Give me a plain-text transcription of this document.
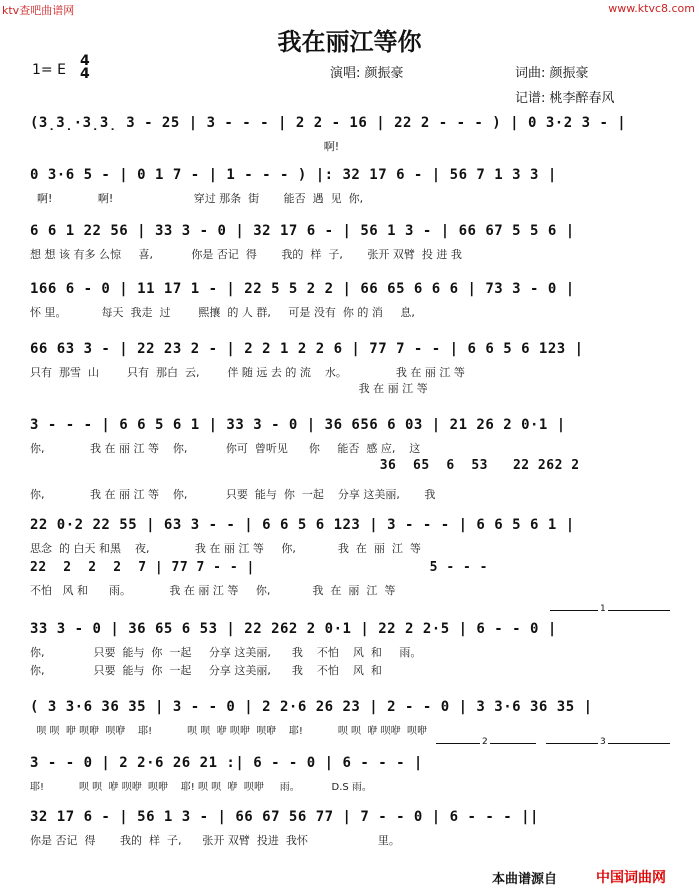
ktv查吧曲谱网	www.ktvc8.com
我在丽江等你
1= E
4
4	演唱: 颜振豪	词曲: 颜振豪
记谱: 桃李醉春风
(3̣3̣·3̣3̣ 3 - 25 | 3 - - - | 2 2 - 16 | 22 2 - - - ) | 0 3·2 3 - |
啊!
0 3·6 5 - | 0 1 7 - | 1 - - - ) |: 32 17 6 - | 56 7 1 3 3 |
啊!             啊!                       穿过 那条  街       能否  遇  见  你,
6 6 1 22 56 | 33 3 - 0 | 32 17 6 - | 56 1 3 - | 66 67 5 5 6 |
想 想 该 有多 么惊     喜,           你是 否记  得       我的  样  子,       张开 双臂  投 进 我
166 6 - 0 | 11 17 1 - | 22 5 5 2 2 | 66 65 6 6 6 | 73 3 - 0 |
怀 里。          每天  我走  过        熙攘  的 人 群,     可是 没有  你 的 消     息,
66 63 3 - | 22 23 2 - | 2 2 1 2 2 6 | 77 7 - - | 6 6 5 6 123 |
只有  那雪  山        只有  那白  云,        伴 随 远 去 的 流    水。              我 在 丽 江 等
我 在 丽 江 等
3 - - - | 6 6 5 6 1 | 33 3 - 0 | 36 656 6 03 | 21 26 2 0·1 |
你,             我 在 丽 江 等    你,           你可  曾听见      你     能否  感 应,    这
36  65  6  53   22 262 2
你,             我 在 丽 江 等    你,           只要  能与  你  一起    分享 这美丽,       我
22 0·2 22 55 | 63 3 - - | 6 6 5 6 123 | 3 - - - | 6 6 5 6 1 |
思念  的 白天 和黑    夜,             我 在 丽 江 等     你,            我  在  丽  江  等
22  2  2  2  7 | 77 7 - - |                     5 - - -
不怕   风 和      雨。           我 在 丽 江 等     你,            我  在  丽  江  等
1
33 3 - 0 | 36 65 6 53 | 22 262 2 0·1 | 22 2 2·5 | 6 - - 0 |
你,              只要  能与  你  一起     分享 这美丽,      我    不怕    风  和     雨。
你,              只要  能与  你  一起     分享 这美丽,      我    不怕    风  和
( 3 3·6 36 35 | 3 - - 0 | 2 2·6 26 23 | 2 - - 0 | 3 3·6 36 35 |
呗 呗  咿 呗咿  呗咿    耶!           呗 呗  咿 呗咿  呗咿    耶!           呗 呗  咿 呗咿  呗咿
2	3
3 - - 0 | 2 2·6 26 21 :| 6 - - 0 | 6 - - - |
耶!           呗 呗  咿 呗咿  呗咿    耶! 呗 呗  咿  呗咿     雨。          D.S 雨。
32 17 6 - | 56 1 3 - | 66 67 56 77 | 7 - - 0 | 6 - - - ||
你是 否记  得       我的  样  子,      张开 双臂  投进  我怀                    里。
本曲谱源自	中国词曲网
